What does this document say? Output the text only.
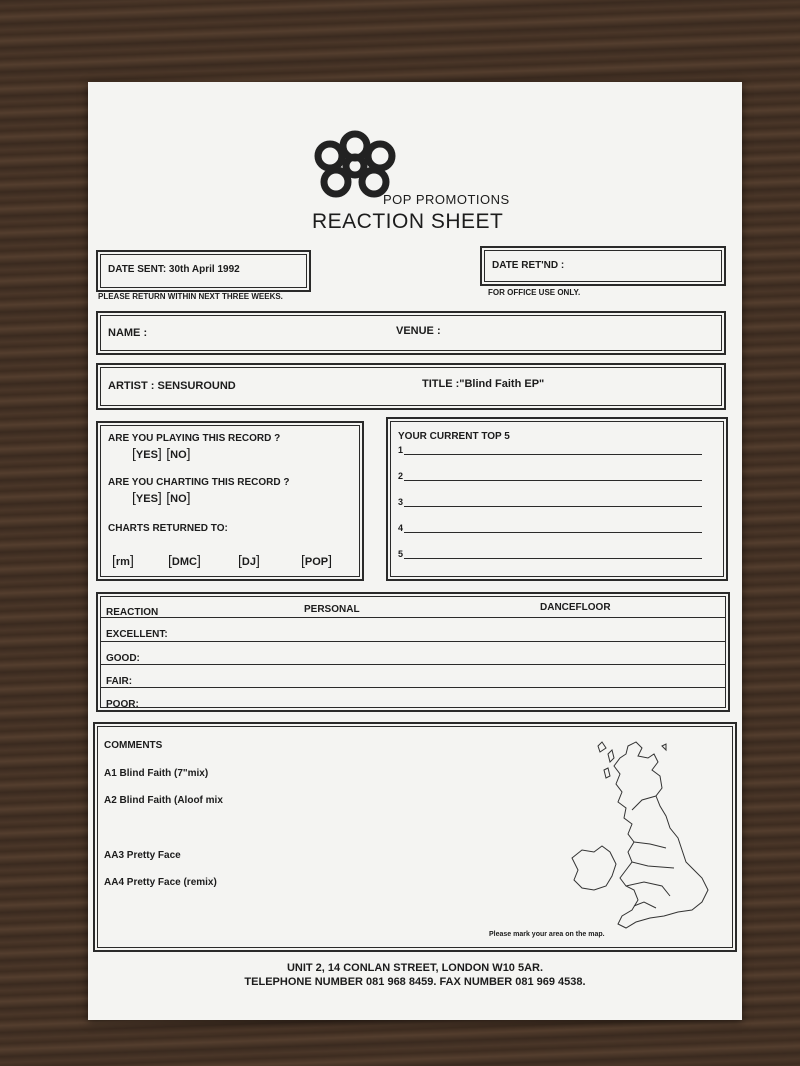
POP PROMOTIONS
REACTION SHEET
DATE SENT: 30th April 1992
PLEASE RETURN WITHIN NEXT THREE WEEKS.
DATE RET'ND :
FOR OFFICE USE ONLY.
NAME :	VENUE :
ARTIST : SENSUROUND	TITLE :"Blind Faith EP"
ARE YOU PLAYING THIS RECORD ?
[ YES ] [ NO ]
ARE YOU CHARTING THIS RECORD ?
[ YES ] [ NO ]
CHARTS RETURNED TO:
[ rm ]	[ DMC ]	[ DJ ]	[ POP ]
YOUR CURRENT TOP 5
1
2
3
4
5
REACTION	PERSONAL	DANCEFLOOR
EXCELLENT:
GOOD:
FAIR:
POOR:
COMMENTS
A1 Blind Faith (7"mix)
A2 Blind Faith (Aloof mix
AA3 Pretty Face
AA4 Pretty Face (remix)
Please mark your area on the map.
UNIT 2, 14 CONLAN STREET, LONDON W10 5AR.
TELEPHONE NUMBER 081 968 8459. FAX NUMBER 081 969 4538.
